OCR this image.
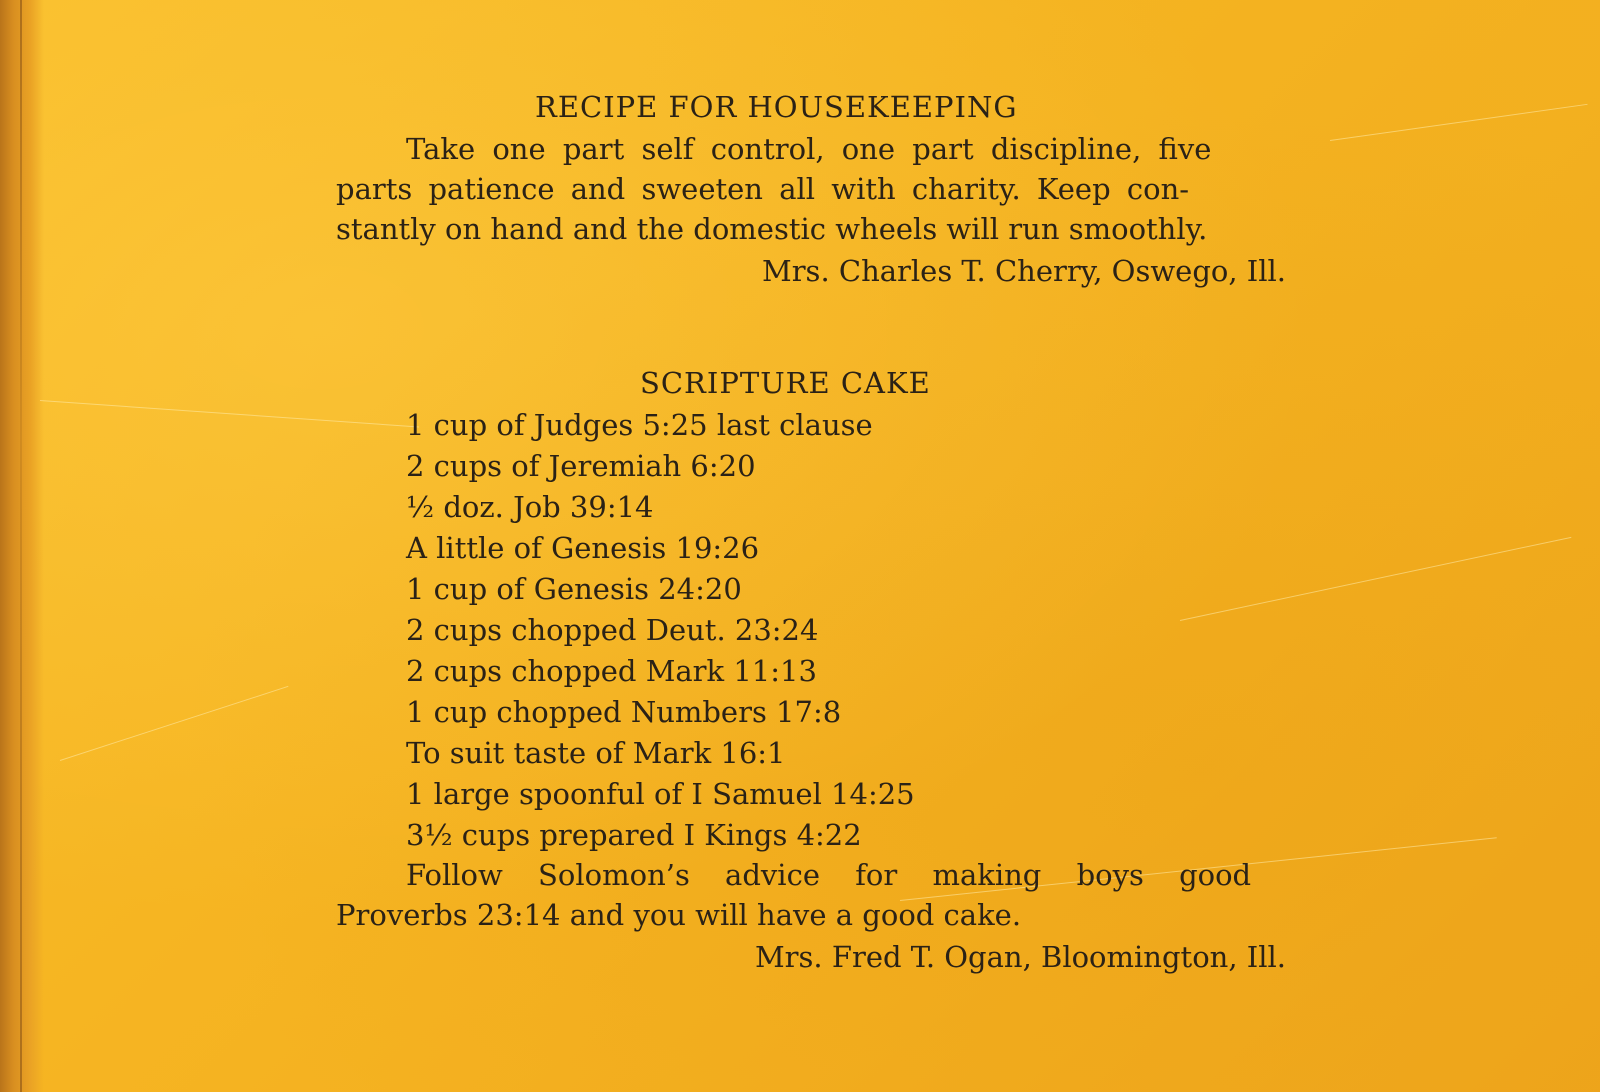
RECIPE FOR HOUSEKEEPING
Take one part self control, one part discipline, five
parts patience and sweeten all with charity. Keep con-
stantly on hand and the domestic wheels will run smoothly.
Mrs. Charles T. Cherry, Oswego, Ill.
SCRIPTURE CAKE
1 cup of Judges 5:25 last clause
2 cups of Jeremiah 6:20
½ doz. Job 39:14
A little of Genesis 19:26
1 cup of Genesis 24:20
2 cups chopped Deut. 23:24
2 cups chopped Mark 11:13
1 cup chopped Numbers 17:8
To suit taste of Mark 16:1
1 large spoonful of I Samuel 14:25
3½ cups prepared I Kings 4:22
Follow Solomon’s advice for making boys good
Proverbs 23:14 and you will have a good cake.
Mrs. Fred T. Ogan, Bloomington, Ill.
